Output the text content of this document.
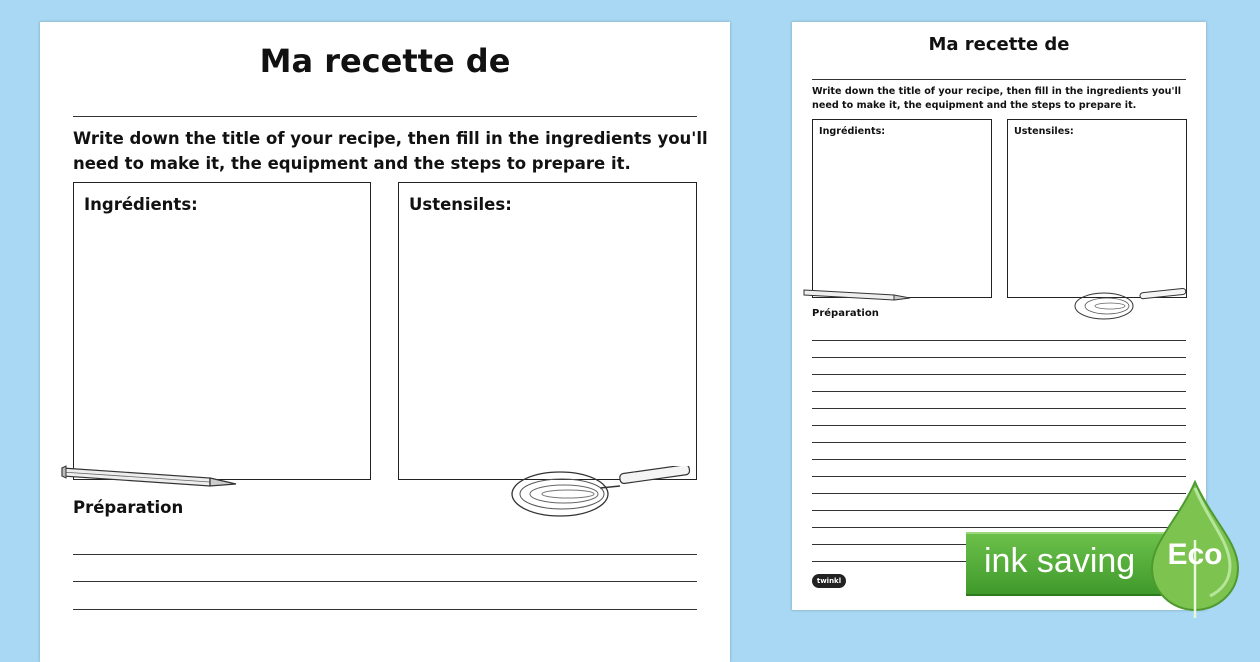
Ma recette de
Write down the title of your recipe, then fill in the ingredients you'll need to make it, the equipment and the steps to prepare it.
Ingrédients:	Ustensiles:
Préparation
Ma recette de
Write down the title of your recipe, then fill in the ingredients you'll need to make it, the equipment and the steps to prepare it.
Ingrédients:	Ustensiles:
Préparation
twinkl
ink saving Eco
